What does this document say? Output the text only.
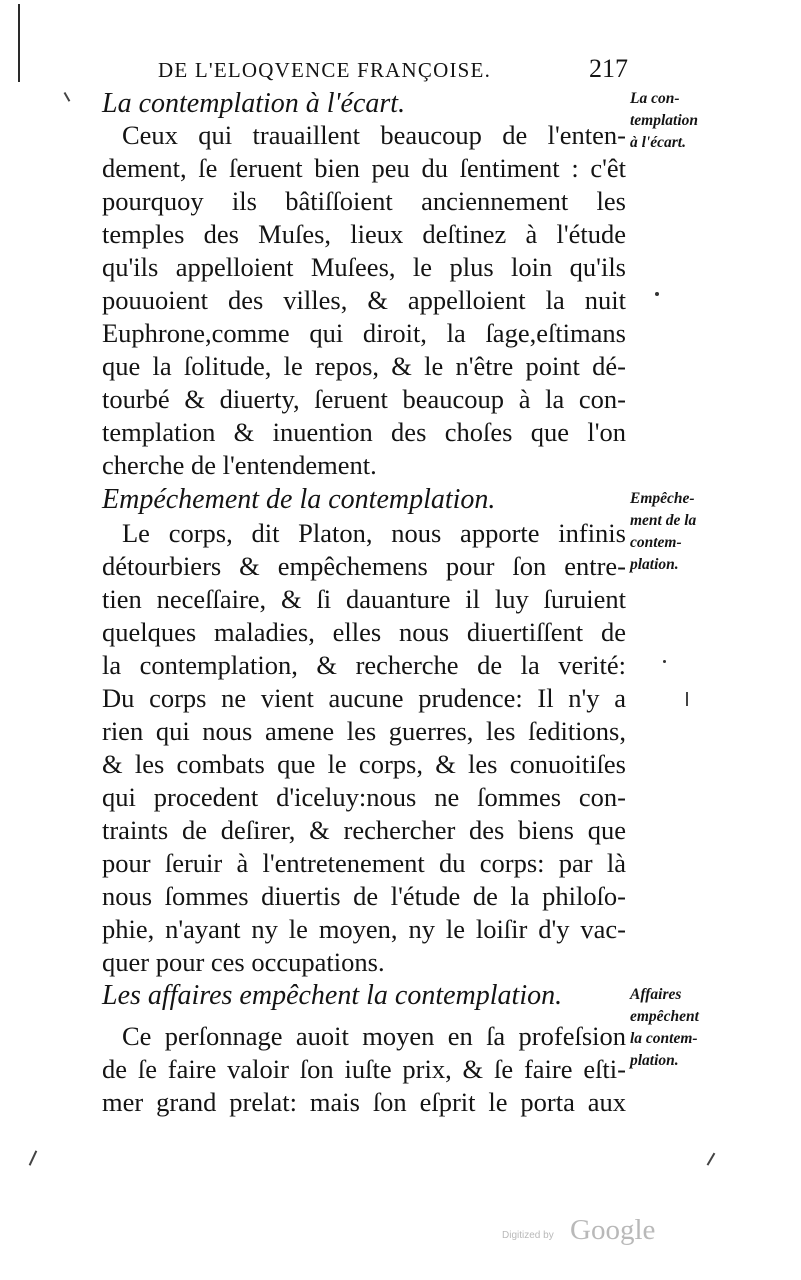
DE L'ELOQVENCE FRANÇOISE.	217
La contemplation à l'écart.
Ceux qui trauaillent beaucoup de l'enten-
dement, ſe ſeruent bien peu du ſentiment : c'êt
pourquoy ils bâtiſſoient anciennement les
temples des Muſes, lieux deſtinez à l'étude
qu'ils appelloient Muſees, le plus loin qu'ils
pouuoient des villes, & appelloient la nuit
Euphrone,comme qui diroit, la ſage,eſtimans
que la ſolitude, le repos, & le n'être point dé-
tourbé & diuerty, ſeruent beaucoup à la con-
templation & inuention des choſes que l'on
cherche de l'entendement.
La con-
templation
à l'écart.
Empéchement de la contemplation.
Le corps, dit Platon, nous apporte infinis
détourbiers & empêchemens pour ſon entre-
tien neceſſaire, & ſi dauanture il luy ſuruient
quelques maladies, elles nous diuertiſſent de
la contemplation, & recherche de la verité:
Du corps ne vient aucune prudence: Il n'y a
rien qui nous amene les guerres, les ſeditions,
& les combats que le corps, & les conuoitiſes
qui procedent d'iceluy:nous ne ſommes con-
traints de deſirer, & rechercher des biens que
pour ſeruir à l'entretenement du corps: par là
nous ſommes diuertis de l'étude de la philoſo-
phie, n'ayant ny le moyen, ny le loiſir d'y vac-
quer pour ces occupations.
Empêche-
ment de la
contem-
plation.
Les affaires empêchent la contemplation.
Ce perſonnage auoit moyen en ſa profeſsion
de ſe faire valoir ſon iuſte prix, & ſe faire eſti-
mer grand prelat: mais ſon eſprit le porta aux
Affaires
empêchent
la contem-
plation.
Digitized by Google
